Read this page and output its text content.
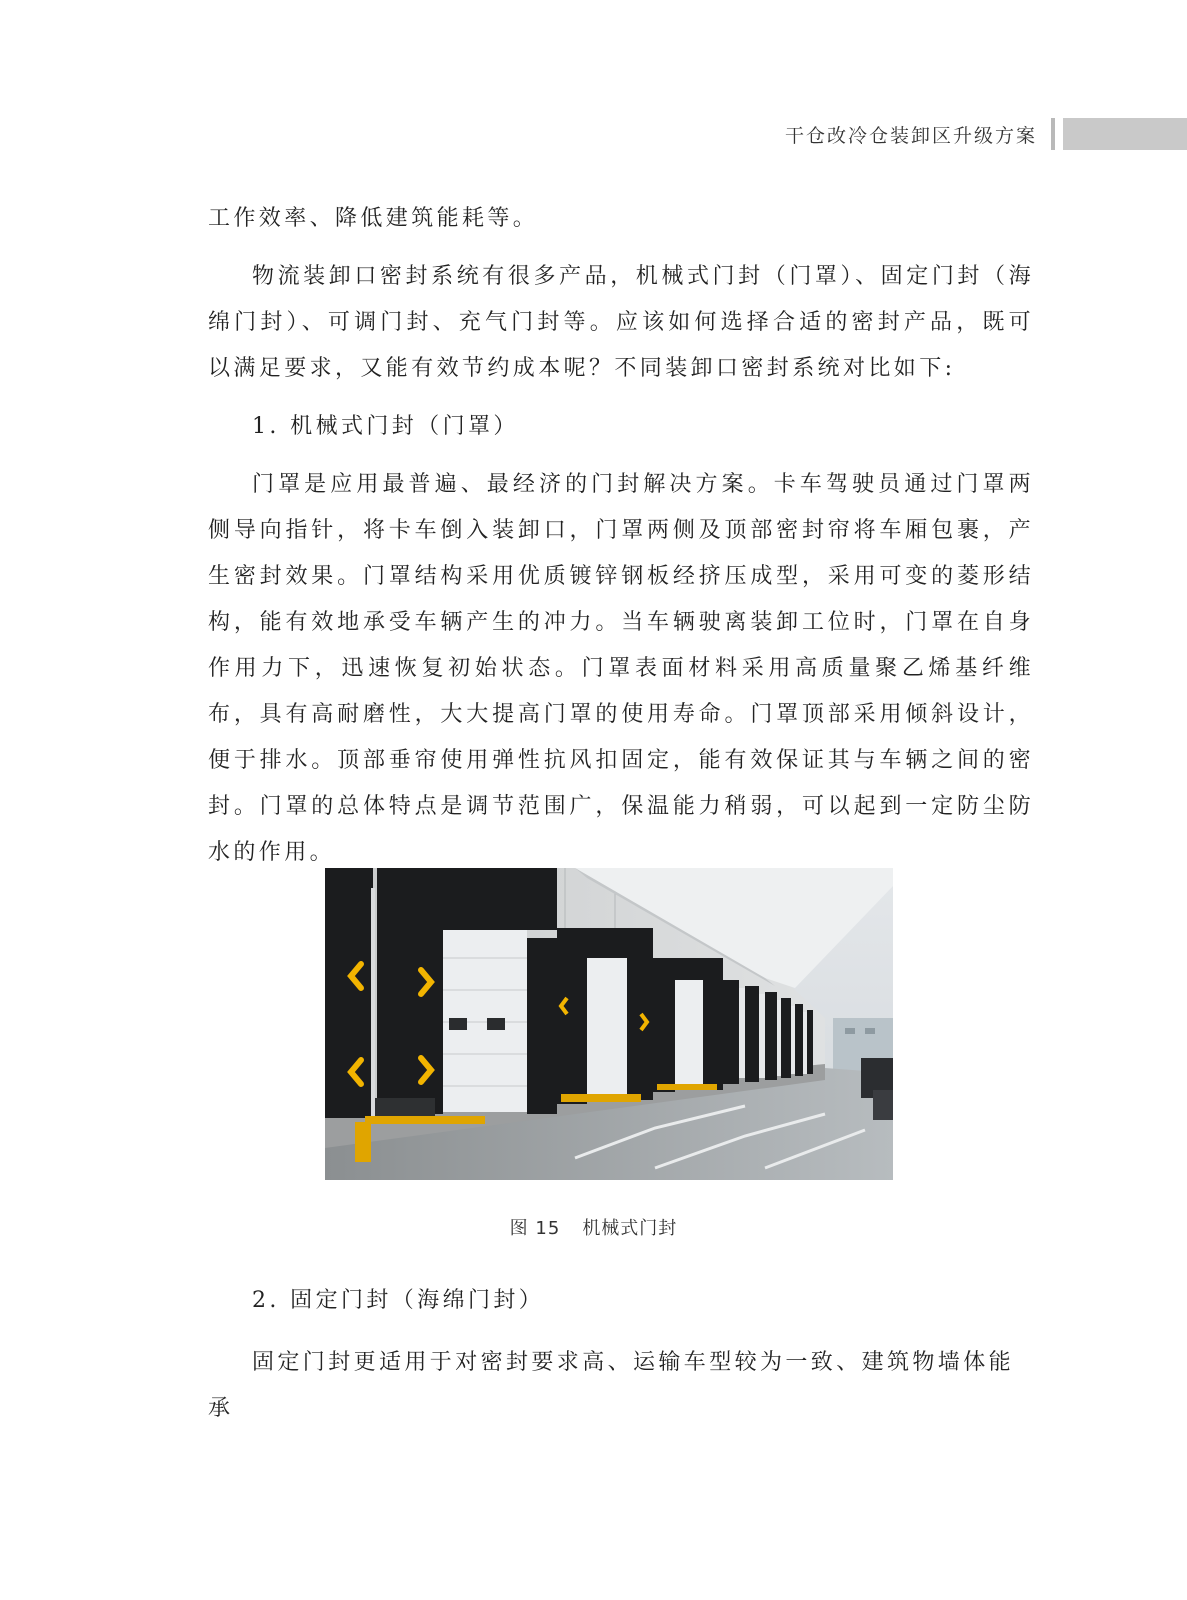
干仓改冷仓装卸区升级方案

工作效率、降低建筑能耗等。

物流装卸口密封系统有很多产品，机械式门封（门罩）、固定门封（海绵门封）、可调门封、充气门封等。应该如何选择合适的密封产品，既可以满足要求，又能有效节约成本呢？不同装卸口密封系统对比如下:

1. 机械式门封（门罩）

门罩是应用最普遍、最经济的门封解决方案。卡车驾驶员通过门罩两侧导向指针，将卡车倒入装卸口，门罩两侧及顶部密封帘将车厢包裹，产生密封效果。门罩结构采用优质镀锌钢板经挤压成型，采用可变的菱形结构，能有效地承受车辆产生的冲力。当车辆驶离装卸工位时，门罩在自身作用力下，迅速恢复初始状态。门罩表面材料采用高质量聚乙烯基纤维布，具有高耐磨性，大大提高门罩的使用寿命。门罩顶部采用倾斜设计，便于排水。顶部垂帘使用弹性抗风扣固定，能有效保证其与车辆之间的密封。门罩的总体特点是调节范围广，保温能力稍弱，可以起到一定防尘防水的作用。

图 15 机械式门封

2. 固定门封（海绵门封）

固定门封更适用于对密封要求高、运输车型较为一致、建筑物墙体能承
